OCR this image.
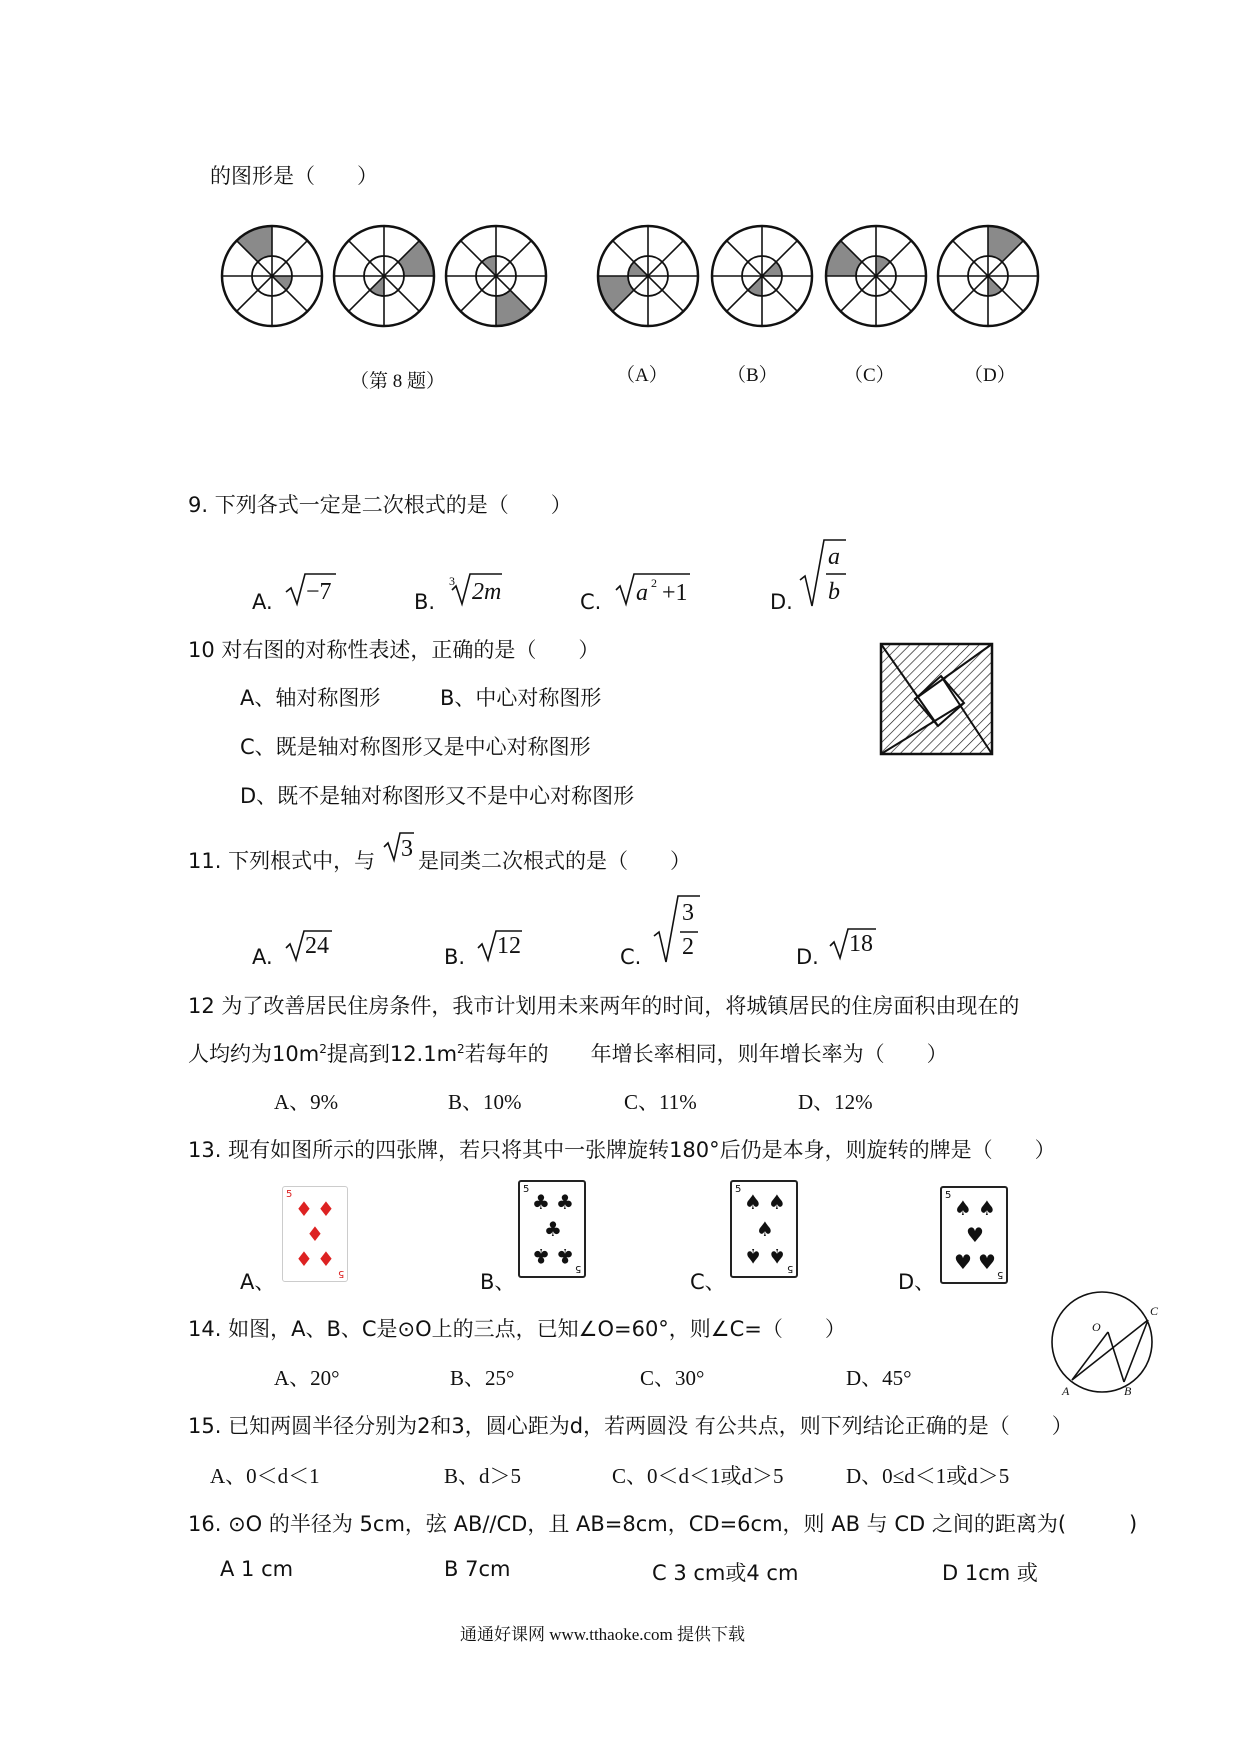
的图形是（　　）
（第 8 题）	（A）	（B）	（C）	（D）
9. 下列各式一定是二次根式的是（　　）
A.	B.	C.	D.
−7	3 2m	a 2 +1
a
b
10 对右图的对称性表述，正确的是（　　）
A、轴对称图形	B、中心对称图形
C、既是轴对称图形又是中心对称图形
D、既不是轴对称图形又不是中心对称图形
11. 下列根式中，与 3 是同类二次根式的是（　　）
A.	B.	C.	D.
24	12
3
2	18
12 为了改善居民住房条件，我市计划用未来两年的时间，将城镇居民的住房面积由现在的
人均约为$10m^2$提高到$12.1m^2$若每年的　　年增长率相同，则年增长率为（　　）
A、9%	B、10%	C、11%	D、12%
13. 现有如图所示的四张牌，若只将其中一张牌旋转180°后仍是本身，则旋转的牌是（　　）
A、	B、	C、	D、
5
♦ ♦
♦
♦ ♦
5
5
♣ ♣
♣
♣ ♣
5
5
♠ ♠
♠
♠ ♠
5
5
♠ ♠
♥
♥ ♥
5
14. 如图，A、B、C是⊙O上的三点，已知∠O=60°，则∠C=（　　）
A、20°	B、25°	C、30°	D、45°
O
C
A	B
15. 已知两圆半径分别为2和3，圆心距为d，若两圆没 有公共点，则下列结论正确的是（　　）
A、0＜d＜1	B、d＞5	C、0＜d＜1或d＞5	D、0≤d＜1或d＞5
16. ⊙O 的半径为 5cm，弦 AB//CD，且 AB=8cm，CD=6cm，则 AB 与 CD 之间的距离为(　　　)
A 1 cm	B 7cm	C 3 cm或4 cm	D 1cm 或
通通好课网 www.tthaoke.com 提供下载
